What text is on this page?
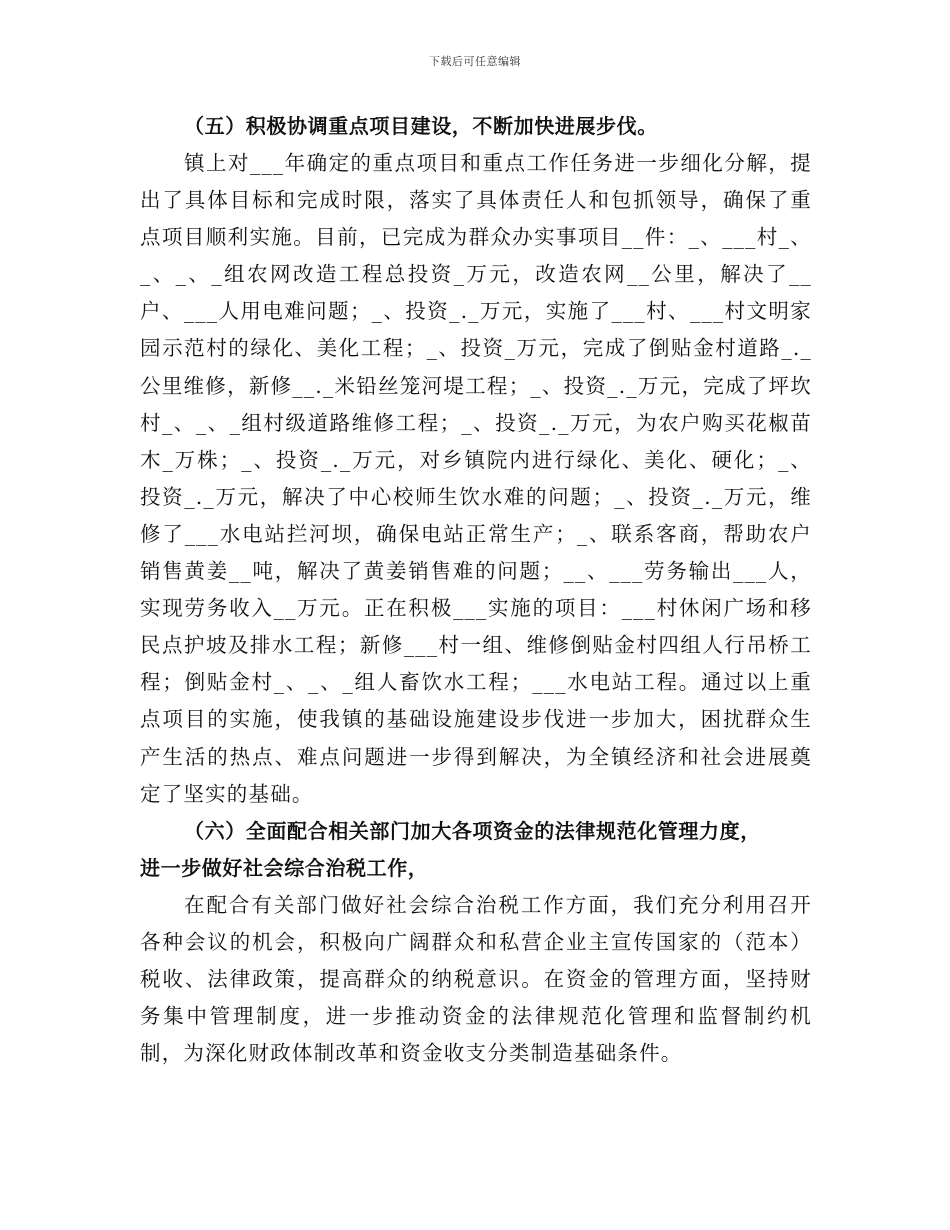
下载后可任意编辑

（五）积极协调重点项目建设，不断加快进展步伐。

镇上对___年确定的重点项目和重点工作任务进一步细化分解，提出了具体目标和完成时限，落实了具体责任人和包抓领导，确保了重点项目顺利实施。目前，已完成为群众办实事项目__件：_、___村_、_、_、_组农网改造工程总投资_万元，改造农网__公里，解决了__户、___人用电难问题；_、投资_._万元，实施了___村、___村文明家园示范村的绿化、美化工程；_、投资_万元，完成了倒贴金村道路_._公里维修，新修__._米铅丝笼河堤工程；_、投资_._万元，完成了坪坎村_、_、_组村级道路维修工程；_、投资_._万元，为农户购买花椒苗木_万株；_、投资_._万元，对乡镇院内进行绿化、美化、硬化；_、投资_._万元，解决了中心校师生饮水难的问题；_、投资_._万元，维修了___水电站拦河坝，确保电站正常生产；_、联系客商，帮助农户销售黄姜__吨，解决了黄姜销售难的问题；__、___劳务输出___人，实现劳务收入__万元。正在积极___实施的项目：___村休闲广场和移民点护坡及排水工程；新修___村一组、维修倒贴金村四组人行吊桥工程；倒贴金村_、_、_组人畜饮水工程；___水电站工程。通过以上重点项目的实施，使我镇的基础设施建设步伐进一步加大，困扰群众生产生活的热点、难点问题进一步得到解决，为全镇经济和社会进展奠定了坚实的基础。

（六）全面配合相关部门加大各项资金的法律规范化管理力度，

进一步做好社会综合治税工作，

在配合有关部门做好社会综合治税工作方面，我们充分利用召开各种会议的机会，积极向广阔群众和私营企业主宣传国家的（范本）税收、法律政策，提高群众的纳税意识。在资金的管理方面，坚持财务集中管理制度，进一步推动资金的法律规范化管理和监督制约机制，为深化财政体制改革和资金收支分类制造基础条件。
